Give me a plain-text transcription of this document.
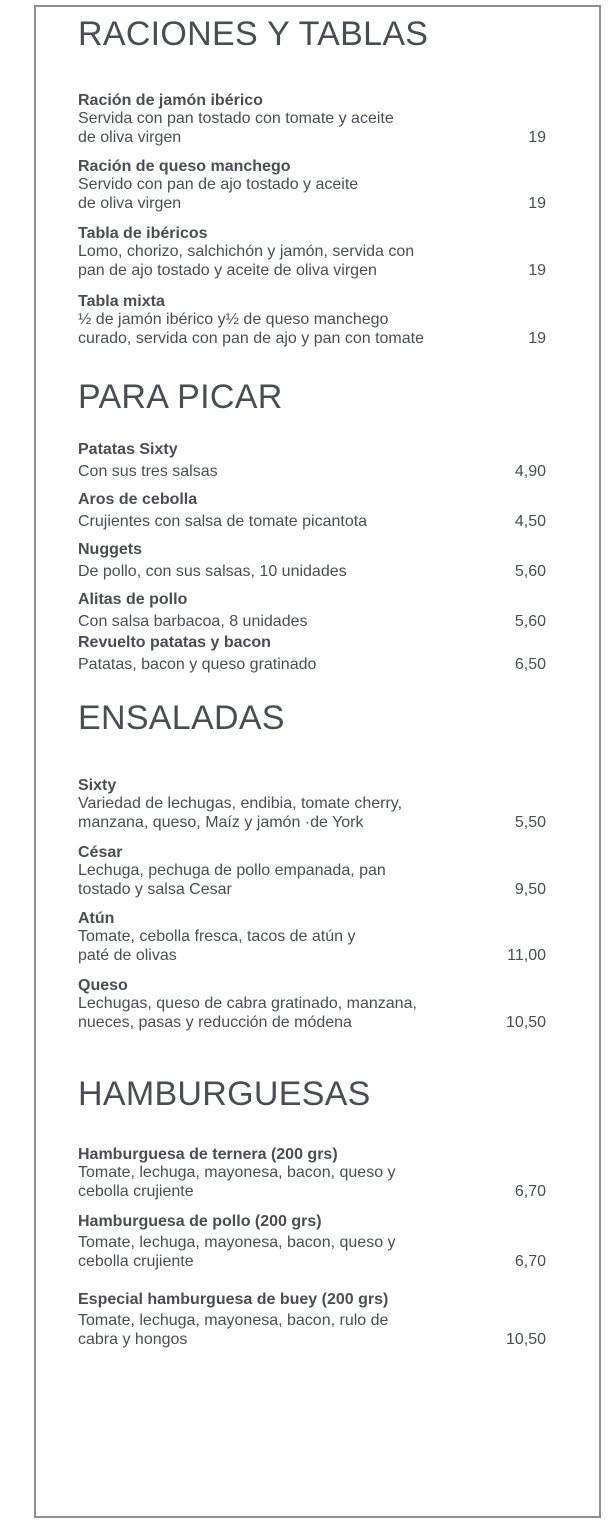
RACIONES Y TABLAS
Ración de jamón ibérico
Servida con pan tostado con tomate y aceite
de oliva virgen	19
Ración de queso manchego
Servido con pan de ajo tostado y aceite
de oliva virgen	19
Tabla de ibéricos
Lomo, chorizo, salchichón y jamón, servida con
pan de ajo tostado y aceite de oliva virgen	19
Tabla mixta
½ de jamón ibérico y½ de queso manchego
curado, servida con pan de ajo y pan con tomate	19
PARA PICAR
Patatas Sixty
Con sus tres salsas	4,90
Aros de cebolla
Crujientes con salsa de tomate picantota	4,50
Nuggets
De pollo, con sus salsas, 10 unidades	5,60
Alitas de pollo
Con salsa barbacoa, 8 unidades	5,60
Revuelto patatas y bacon
Patatas, bacon y queso gratinado	6,50
ENSALADAS
Sixty
Variedad de lechugas, endibia, tomate cherry,
manzana, queso, Maíz y jamón ·de York	5,50
César
Lechuga, pechuga de pollo empanada, pan
tostado y salsa Cesar	9,50
Atún
Tomate, cebolla fresca, tacos de atún y
paté de olivas	11,00
Queso
Lechugas, queso de cabra gratinado, manzana,
nueces, pasas y reducción de módena	10,50
HAMBURGUESAS
Hamburguesa de ternera (200 grs)
Tomate, lechuga, mayonesa, bacon, queso y
cebolla crujiente	6,70
Hamburguesa de pollo (200 grs)
Tomate, lechuga, mayonesa, bacon, queso y
cebolla crujiente	6,70
Especial hamburguesa de buey (200 grs)
Tomate, lechuga, mayonesa, bacon, rulo de
cabra y hongos	10,50
